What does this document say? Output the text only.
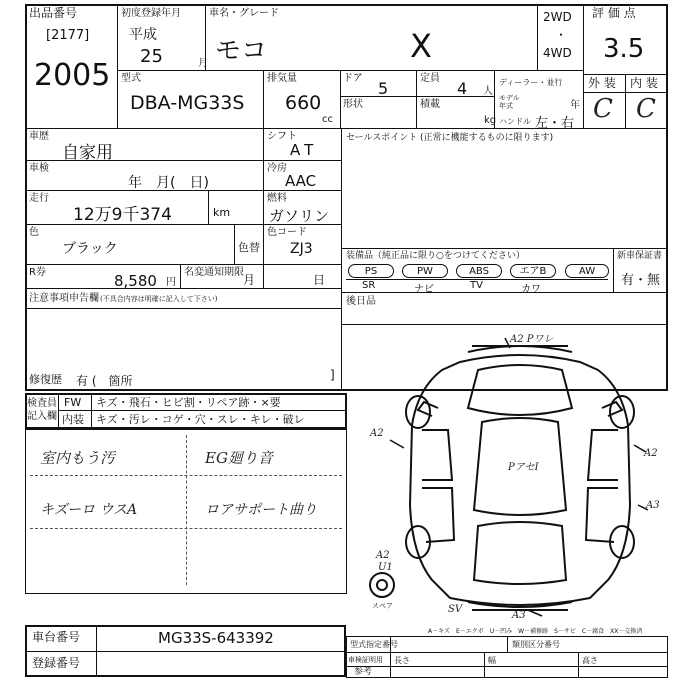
出品番号
[2177]
2005
初度登録年月
平成
25	月
車名・グレード
モコ	X
2WD
・
4WD
評 価 点
3.5
外 装 内 装
C C
型式
DBA-MG33S
排気量
660
cc
ドア
5
定員
4 人
形状	積載
kg
ディーラー・並行
モデル年式	年
ハンドル 左・右
車歴
自家用
車検
年　月(　日)
走行
12万9千374	km
色
ブラック	色替
R券	8,580 円
名変通知期限
月	日
シフト
AT
冷房
AAC
燃料
ガソリン
色コード
ZJ3
セールスポイント (正常に機能するものに限ります)
装備品（純正品に限り○をつけてください）	新車保証書
有・無
PS	PW	ABS	エアB	AW
SR	ナビ	TV	カワ
後日品
注意事項申告欄 (不具合内容は明確に記入して下さい)
修復歴 有 (　箇所	]
検査員記入欄
FW キズ・飛石・ヒビ割・リペア跡・×要
内装 キズ・汚レ・コゲ・穴・スレ・キレ・破レ
室内もう汚	EG廻り音
キズーロ ウスA	ロアサポート曲り
A2 Pワレ
A2
A2
A3
PアセI
A2
U1
スペア	SV
A3
A－キズ　E－エクボ　U－凹み　W－補修跡　S－サビ　C－腐食　XX－交換済
車台番号	MG33S-643392
登録番号
型式指定番号	類別区分番号
車検証明用
参考
長さ	幅	高さ
